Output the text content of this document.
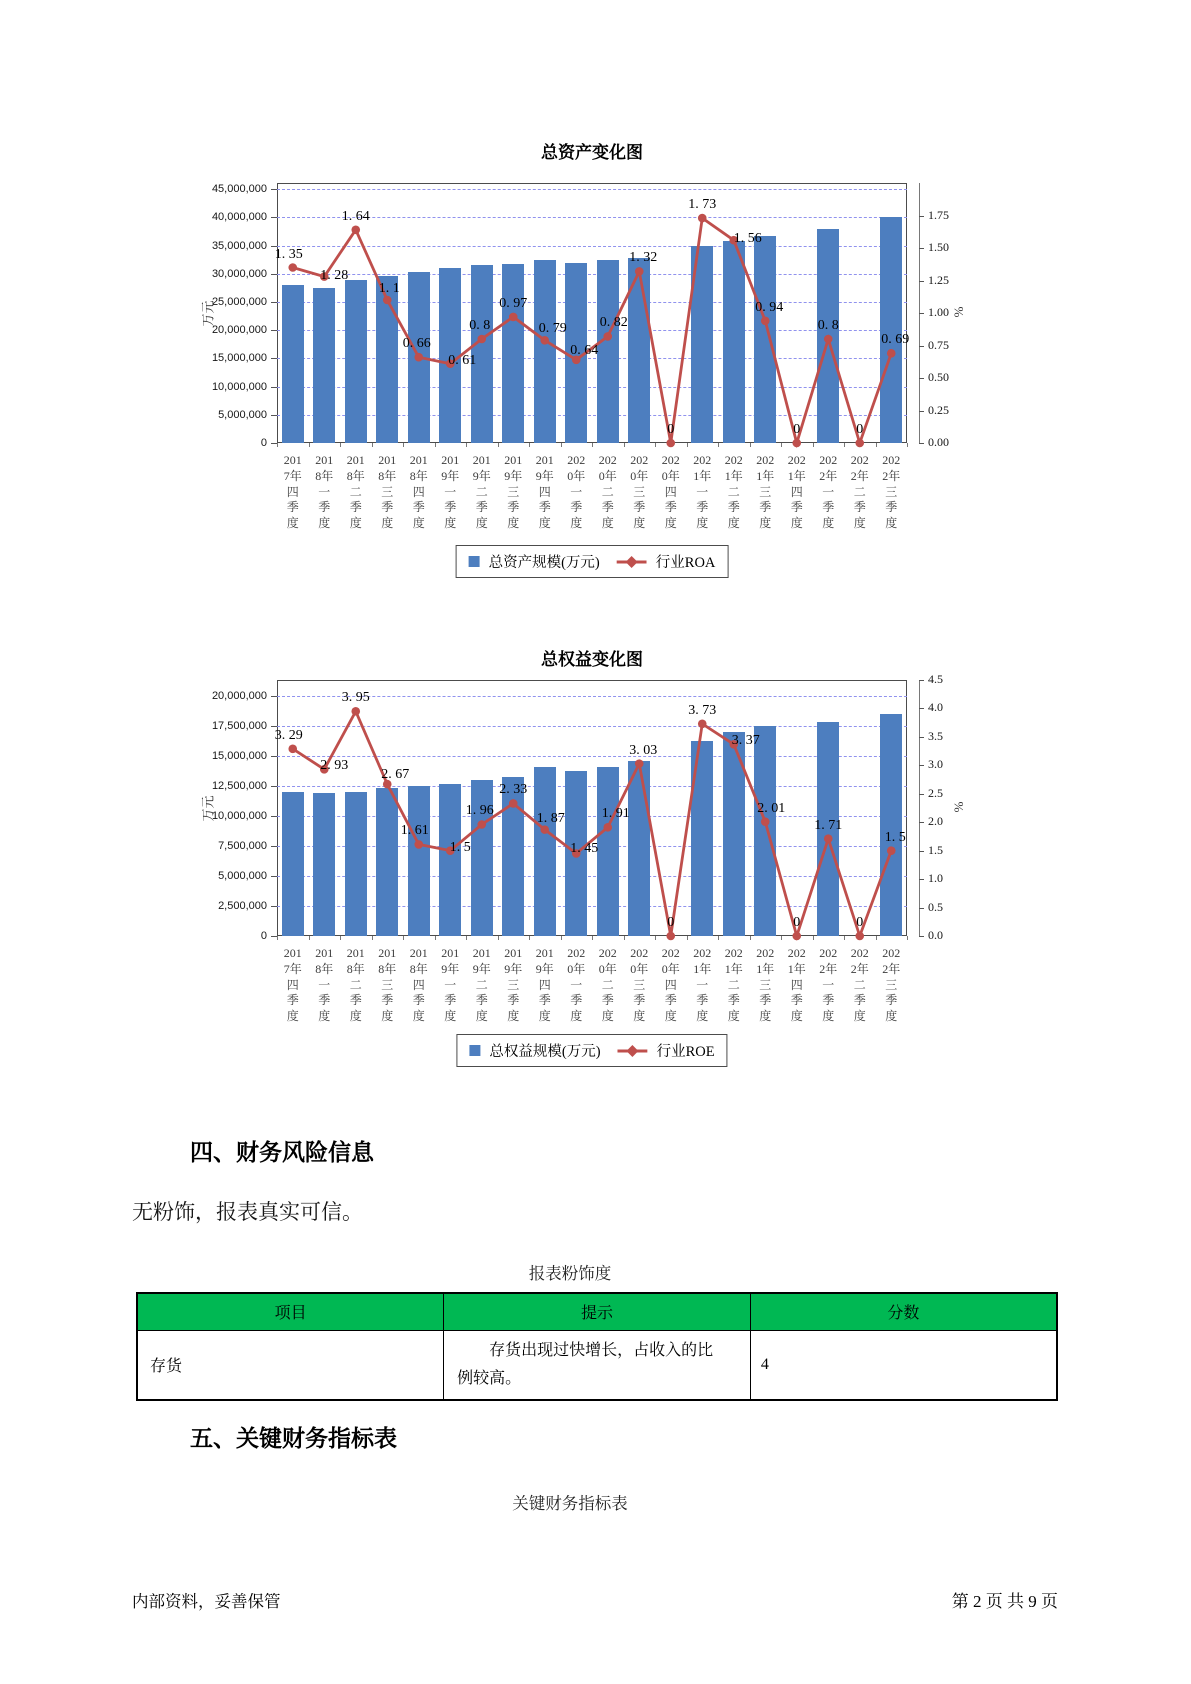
总资产变化图
0
5,000,000
10,000,000
15,000,000
20,000,000
25,000,000
30,000,000
35,000,000
40,000,000
45,000,000
万元
201
7年
四
季
度
201
8年
一
季
度
201
8年
二
季
度
201
8年
三
季
度
201
8年
四
季
度
201
9年
一
季
度
201
9年
二
季
度
201
9年
三
季
度
201
9年
四
季
度
202
0年
一
季
度
202
0年
二
季
度
202
0年
三
季
度
202
0年
四
季
度
202
1年
一
季
度
202
1年
二
季
度
202
1年
三
季
度
202
1年
四
季
度
202
2年
一
季
度
202
2年
二
季
度
202
2年
三
季
度
0.00
0.25
0.50
0.75
1.00
1.25
1.50
1.75
%
1. 35
1. 28
1. 64
1. 1
0. 66
0. 61
0. 8
0. 97
0. 79
0. 64
0. 82
1. 32
0
1. 73
1. 56
0. 94
0
0. 8
0
0. 69
总资产规模(万元)	行业ROA
总权益变化图
0
2,500,000
5,000,000
7,500,000
10,000,000
12,500,000
15,000,000
17,500,000
20,000,000
万元
201
7年
四
季
度
201
8年
一
季
度
201
8年
二
季
度
201
8年
三
季
度
201
8年
四
季
度
201
9年
一
季
度
201
9年
二
季
度
201
9年
三
季
度
201
9年
四
季
度
202
0年
一
季
度
202
0年
二
季
度
202
0年
三
季
度
202
0年
四
季
度
202
1年
一
季
度
202
1年
二
季
度
202
1年
三
季
度
202
1年
四
季
度
202
2年
一
季
度
202
2年
二
季
度
202
2年
三
季
度
0.0
0.5
1.0
1.5
2.0
2.5
3.0
3.5
4.0
4.5
%
3. 29
2. 93
3. 95
2. 67
1. 61
1. 5
1. 96
2. 33
1. 87
1. 45
1. 91
3. 03
0
3. 73
3. 37
2. 01
0
1. 71
0
1. 5
总权益规模(万元)	行业ROE
四、财务风险信息

无粉饰，报表真实可信。

报表粉饰度
项目	提示	分数
存货	存货出现过快增长，占收入的比例较高。	4
五、关键财务指标表
关键财务指标表
内部资料，妥善保管	第 2 页 共 9 页
